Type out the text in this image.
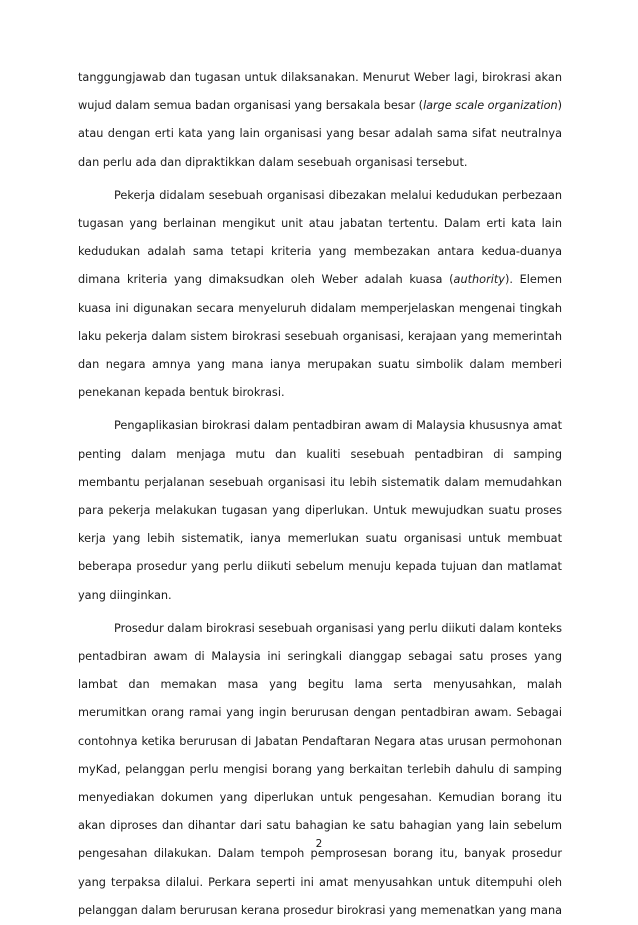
tanggungjawab dan tugasan untuk dilaksanakan. Menurut Weber lagi, birokrasi akan
wujud dalam semua badan organisasi yang bersakala besar (large scale organization)
atau dengan erti kata yang lain organisasi yang besar adalah sama sifat neutralnya
dan perlu ada dan dipraktikkan dalam sesebuah organisasi tersebut.
Pekerja didalam sesebuah organisasi dibezakan melalui kedudukan perbezaan
tugasan yang berlainan mengikut unit atau jabatan tertentu. Dalam erti kata lain
kedudukan adalah sama tetapi kriteria yang membezakan antara kedua-duanya
dimana kriteria yang dimaksudkan oleh Weber adalah kuasa (authority). Elemen
kuasa ini digunakan secara menyeluruh didalam memperjelaskan mengenai tingkah
laku pekerja dalam sistem birokrasi sesebuah organisasi, kerajaan yang memerintah
dan negara amnya yang mana ianya merupakan suatu simbolik dalam memberi
penekanan kepada bentuk birokrasi.
Pengaplikasian birokrasi dalam pentadbiran awam di Malaysia khususnya amat
penting dalam menjaga mutu dan kualiti sesebuah pentadbiran di samping
membantu perjalanan sesebuah organisasi itu lebih sistematik dalam memudahkan
para pekerja melakukan tugasan yang diperlukan. Untuk mewujudkan suatu proses
kerja yang lebih sistematik, ianya memerlukan suatu organisasi untuk membuat
beberapa prosedur yang perlu diikuti sebelum menuju kepada tujuan dan matlamat
yang diinginkan.
Prosedur dalam birokrasi sesebuah organisasi yang perlu diikuti dalam konteks
pentadbiran awam di Malaysia ini seringkali dianggap sebagai satu proses yang
lambat dan memakan masa yang begitu lama serta menyusahkan, malah
merumitkan orang ramai yang ingin berurusan dengan pentadbiran awam. Sebagai
contohnya ketika berurusan di Jabatan Pendaftaran Negara atas urusan permohonan
myKad, pelanggan perlu mengisi borang yang berkaitan terlebih dahulu di samping
menyediakan dokumen yang diperlukan untuk pengesahan. Kemudian borang itu
akan diproses dan dihantar dari satu bahagian ke satu bahagian yang lain sebelum
pengesahan dilakukan. Dalam tempoh pemprosesan borang itu, banyak prosedur
yang terpaksa dilalui. Perkara seperti ini amat menyusahkan untuk ditempuhi oleh
pelanggan dalam berurusan kerana prosedur birokrasi yang memenatkan yang mana
2
